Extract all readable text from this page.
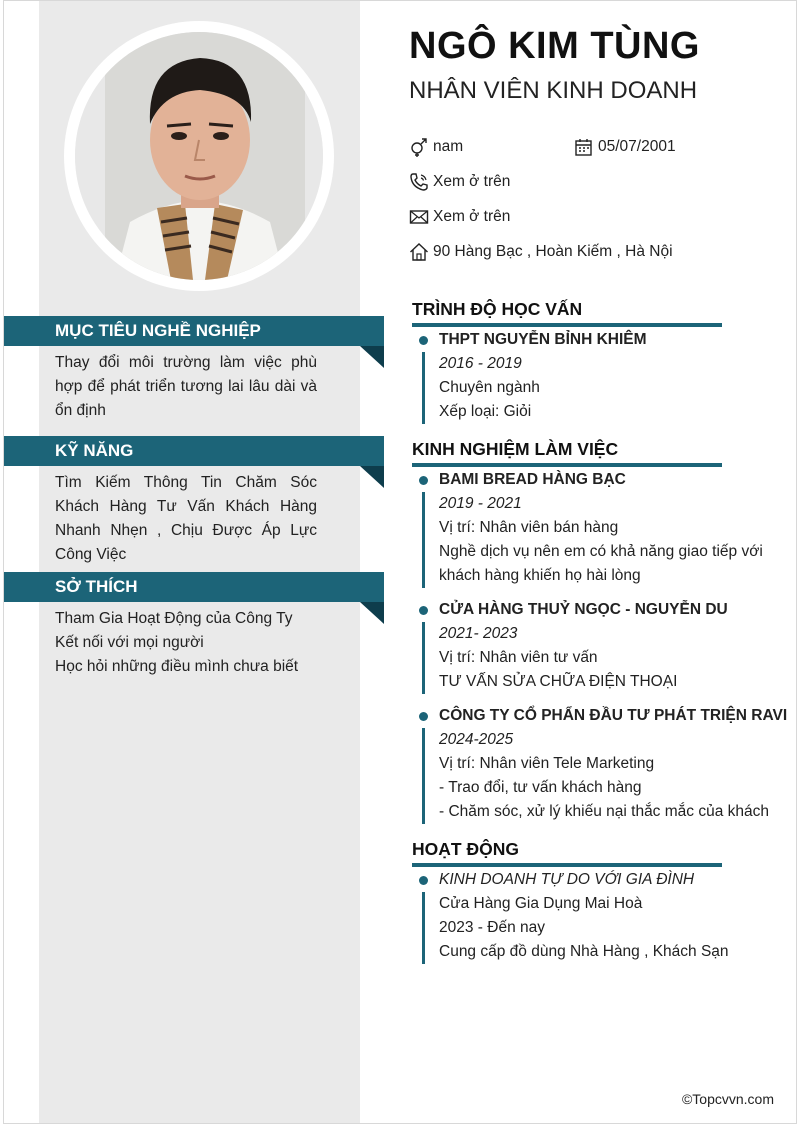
MỤC TIÊU NGHỀ NGHIỆP
Thay đổi môi trường làm việc phù hợp để phát triển tương lai lâu dài và ổn định
KỸ NĂNG
Tìm Kiếm Thông Tin Chăm Sóc Khách Hàng Tư Vấn Khách Hàng Nhanh Nhẹn , Chịu Được Áp Lực Công Việc
SỞ THÍCH
Tham Gia Hoạt Động của Công Ty
Kết nối với mọi người
Học hỏi những điều mình chưa biết
NGÔ KIM TÙNG
NHÂN VIÊN KINH DOANH
nam	05/07/2001
Xem ở trên
Xem ở trên
90 Hàng Bạc , Hoàn Kiếm , Hà Nội
TRÌNH ĐỘ HỌC VẤN
THPT NGUYỄN BỈNH KHIÊM
2016 - 2019
Chuyên ngành
Xếp loại: Giỏi
KINH NGHIỆM LÀM VIỆC
BAMI BREAD HÀNG BẠC
2019 - 2021
Vị trí: Nhân viên bán hàng
Nghề dịch vụ nên em có khả năng giao tiếp với khách hàng khiến họ hài lòng
CỬA HÀNG THUỶ NGỌC - NGUYỄN DU
2021- 2023
Vị trí: Nhân viên tư vấn
TƯ VẤN SỬA CHỮA ĐIỆN THOẠI
CÔNG TY CỔ PHẨN ĐẦU TƯ PHÁT TRIỆN RAVI
2024-2025
Vị trí: Nhân viên Tele Marketing
- Trao đổi, tư vấn khách hàng
- Chăm sóc, xử lý khiếu nại thắc mắc của khách
HOẠT ĐỘNG
KINH DOANH TỰ DO VỚI GIA ĐÌNH
Cửa Hàng Gia Dụng Mai Hoà
2023 - Đến nay
Cung cấp đồ dùng Nhà Hàng , Khách Sạn
©Topcvvn.com
